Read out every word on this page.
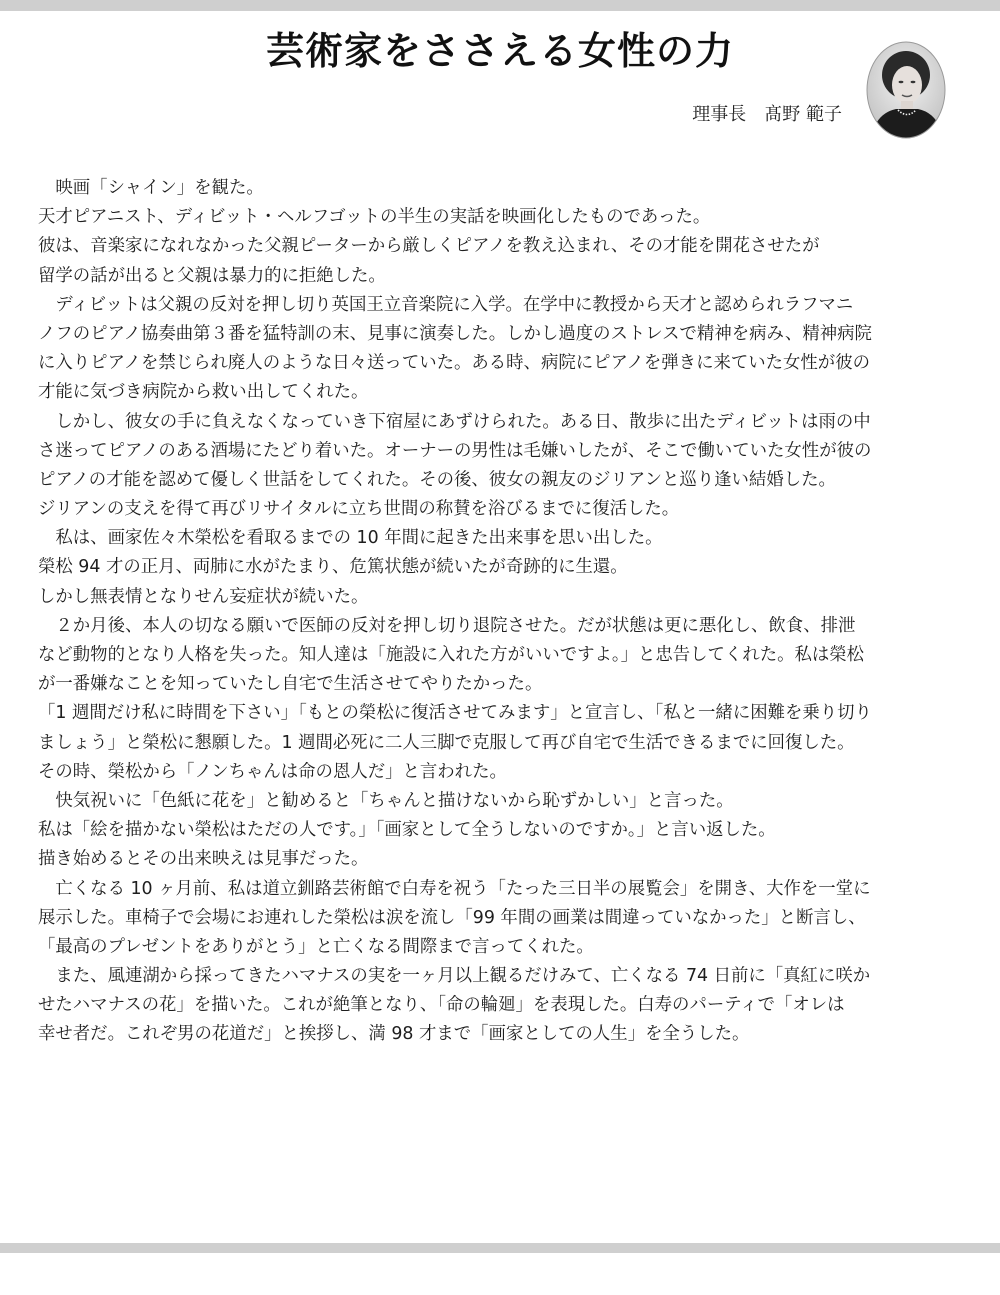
芸術家をささえる女性の力
理事長　髙野 範子
　映画「シャイン」を観た。
天才ピアニスト、ディビット・ヘルフゴットの半生の実話を映画化したものであった。
彼は、音楽家になれなかった父親ピーターから厳しくピアノを教え込まれ、その才能を開花させたが
留学の話が出ると父親は暴力的に拒絶した。
　ディビットは父親の反対を押し切り英国王立音楽院に入学。在学中に教授から天才と認められラフマニ
ノフのピアノ協奏曲第３番を猛特訓の末、見事に演奏した。しかし過度のストレスで精神を病み、精神病院
に入りピアノを禁じられ廃人のような日々送っていた。ある時、病院にピアノを弾きに来ていた女性が彼の
才能に気づき病院から救い出してくれた。
　しかし、彼女の手に負えなくなっていき下宿屋にあずけられた。ある日、散歩に出たディビットは雨の中
さ迷ってピアノのある酒場にたどり着いた。オーナーの男性は毛嫌いしたが、そこで働いていた女性が彼の
ピアノの才能を認めて優しく世話をしてくれた。その後、彼女の親友のジリアンと巡り逢い結婚した。
ジリアンの支えを得て再びリサイタルに立ち世間の称賛を浴びるまでに復活した。
　私は、画家佐々木榮松を看取るまでの 10 年間に起きた出来事を思い出した。
榮松 94 才の正月、両肺に水がたまり、危篤状態が続いたが奇跡的に生還。
しかし無表情となりせん妄症状が続いた。
　２か月後、本人の切なる願いで医師の反対を押し切り退院させた。だが状態は更に悪化し、飲食、排泄
など動物的となり人格を失った。知人達は「施設に入れた方がいいですよ。」と忠告してくれた。私は榮松
が一番嫌なことを知っていたし自宅で生活させてやりたかった。
「1 週間だけ私に時間を下さい」「もとの榮松に復活させてみます」と宣言し、「私と一緒に困難を乗り切り
ましょう」と榮松に懇願した。1 週間必死に二人三脚で克服して再び自宅で生活できるまでに回復した。
その時、榮松から「ノンちゃんは命の恩人だ」と言われた。
　快気祝いに「色紙に花を」と勧めると「ちゃんと描けないから恥ずかしい」と言った。
私は「絵を描かない榮松はただの人です。」「画家として全うしないのですか。」と言い返した。
描き始めるとその出来映えは見事だった。
　亡くなる 10 ヶ月前、私は道立釧路芸術館で白寿を祝う「たった三日半の展覧会」を開き、大作を一堂に
展示した。車椅子で会場にお連れした榮松は涙を流し「99 年間の画業は間違っていなかった」と断言し、
「最高のプレゼントをありがとう」と亡くなる間際まで言ってくれた。
　また、風連湖から採ってきたハマナスの実を一ヶ月以上観るだけみて、亡くなる 74 日前に「真紅に咲か
せたハマナスの花」を描いた。これが絶筆となり、「命の輪廻」を表現した。白寿のパーティで「オレは
幸せ者だ。これぞ男の花道だ」と挨拶し、満 98 才まで「画家としての人生」を全うした。
